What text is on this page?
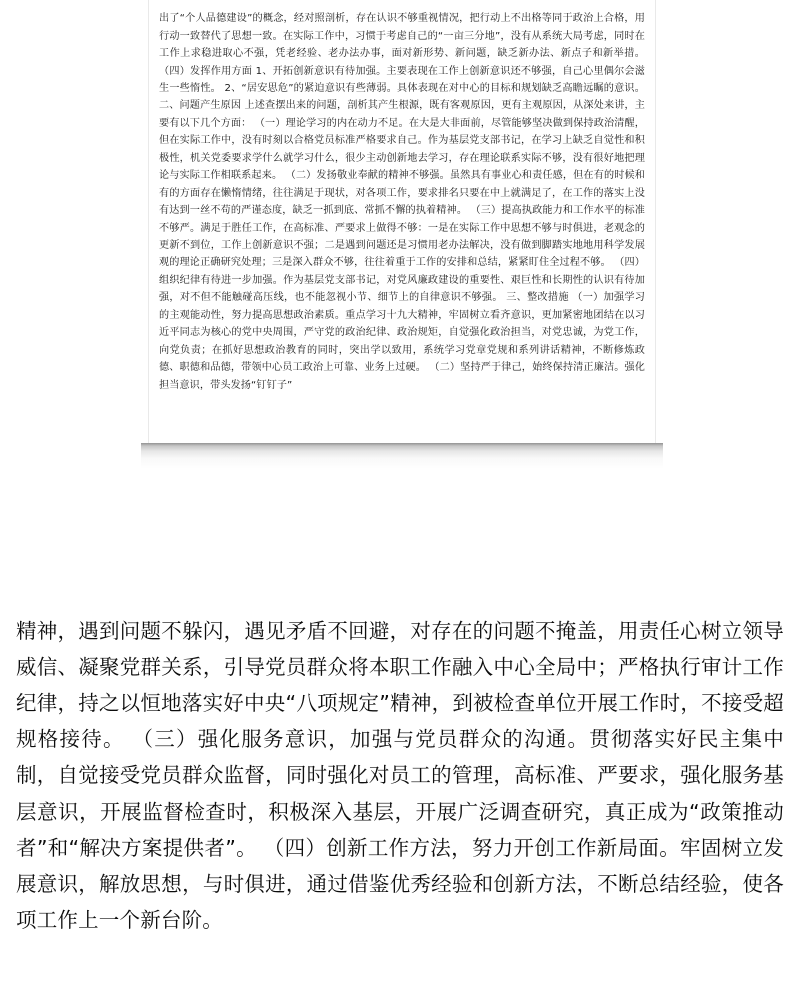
出了“个人品德建设”的概念，经对照剖析，存在认识不够重视情况，把行动上不出格等同于政治上合格，用行动一致替代了思想一致。在实际工作中，习惯于考虑自己的“一亩三分地”，没有从系统大局考虑，同时在工作上求稳进取心不强，凭老经验、老办法办事，面对新形势、新问题，缺乏新办法、新点子和新举措。 （四）发挥作用方面 1、开拓创新意识有待加强。主要表现在工作上创新意识还不够强，自己心里偶尔会滋生一些惰性。 2、“居安思危”的紧迫意识有些薄弱。具体表现在对中心的目标和规划缺乏高瞻远瞩的意识。 二、问题产生原因 上述查摆出来的问题，剖析其产生根源，既有客观原因，更有主观原因，从深处来讲，主要有以下几个方面： （一）理论学习的内在动力不足。在大是大非面前，尽管能够坚决做到保持政治清醒，但在实际工作中，没有时刻以合格党员标准严格要求自己。作为基层党支部书记，在学习上缺乏自觉性和积极性，机关党委要求学什么就学习什么，很少主动创新地去学习，存在理论联系实际不够，没有很好地把理论与实际工作相联系起来。 （二）发扬敬业奉献的精神不够强。虽然具有事业心和责任感，但在有的时候和有的方面存在懒惰情绪，往往满足于现状，对各项工作，要求排名只要在中上就满足了，在工作的落实上没有达到一丝不苟的严谨态度，缺乏一抓到底、常抓不懈的执着精神。 （三）提高执政能力和工作水平的标准不够严。满足于胜任工作，在高标准、严要求上做得不够：一是在实际工作中思想不够与时俱进，老观念的更新不到位，工作上创新意识不强；二是遇到问题还是习惯用老办法解决，没有做到脚踏实地地用科学发展观的理论正确研究处理；三是深入群众不够，往往着重于工作的安排和总结，紧紧盯住全过程不够。 （四）组织纪律有待进一步加强。作为基层党支部书记，对党风廉政建设的重要性、艰巨性和长期性的认识有待加强，对不但不能触碰高压线，也不能忽视小节、细节上的自律意识不够强。 三、整改措施 （一）加强学习的主观能动性，努力提高思想政治素质。重点学习十九大精神，牢固树立看齐意识，更加紧密地团结在以习近平同志为核心的党中央周围，严守党的政治纪律、政治规矩，自觉强化政治担当，对党忠诚，为党工作，向党负责；在抓好思想政治教育的同时，突出学以致用，系统学习党章党规和系列讲话精神，不断修炼政德、职德和品德，带领中心员工政治上可靠、业务上过硬。 （二）坚持严于律己，始终保持清正廉洁。强化担当意识，带头发扬“钉钉子”

精神，遇到问题不躲闪，遇见矛盾不回避，对存在的问题不掩盖，用责任心树立领导威信、凝聚党群关系，引导党员群众将本职工作融入中心全局中；严格执行审计工作纪律，持之以恒地落实好中央“八项规定”精神，到被检查单位开展工作时，不接受超规格接待。 （三）强化服务意识，加强与党员群众的沟通。贯彻落实好民主集中制，自觉接受党员群众监督，同时强化对员工的管理，高标准、严要求，强化服务基层意识，开展监督检查时，积极深入基层，开展广泛调查研究，真正成为“政策推动者”和“解决方案提供者”。 （四）创新工作方法，努力开创工作新局面。牢固树立发展意识，解放思想，与时俱进，通过借鉴优秀经验和创新方法，不断总结经验，使各项工作上一个新台阶。
